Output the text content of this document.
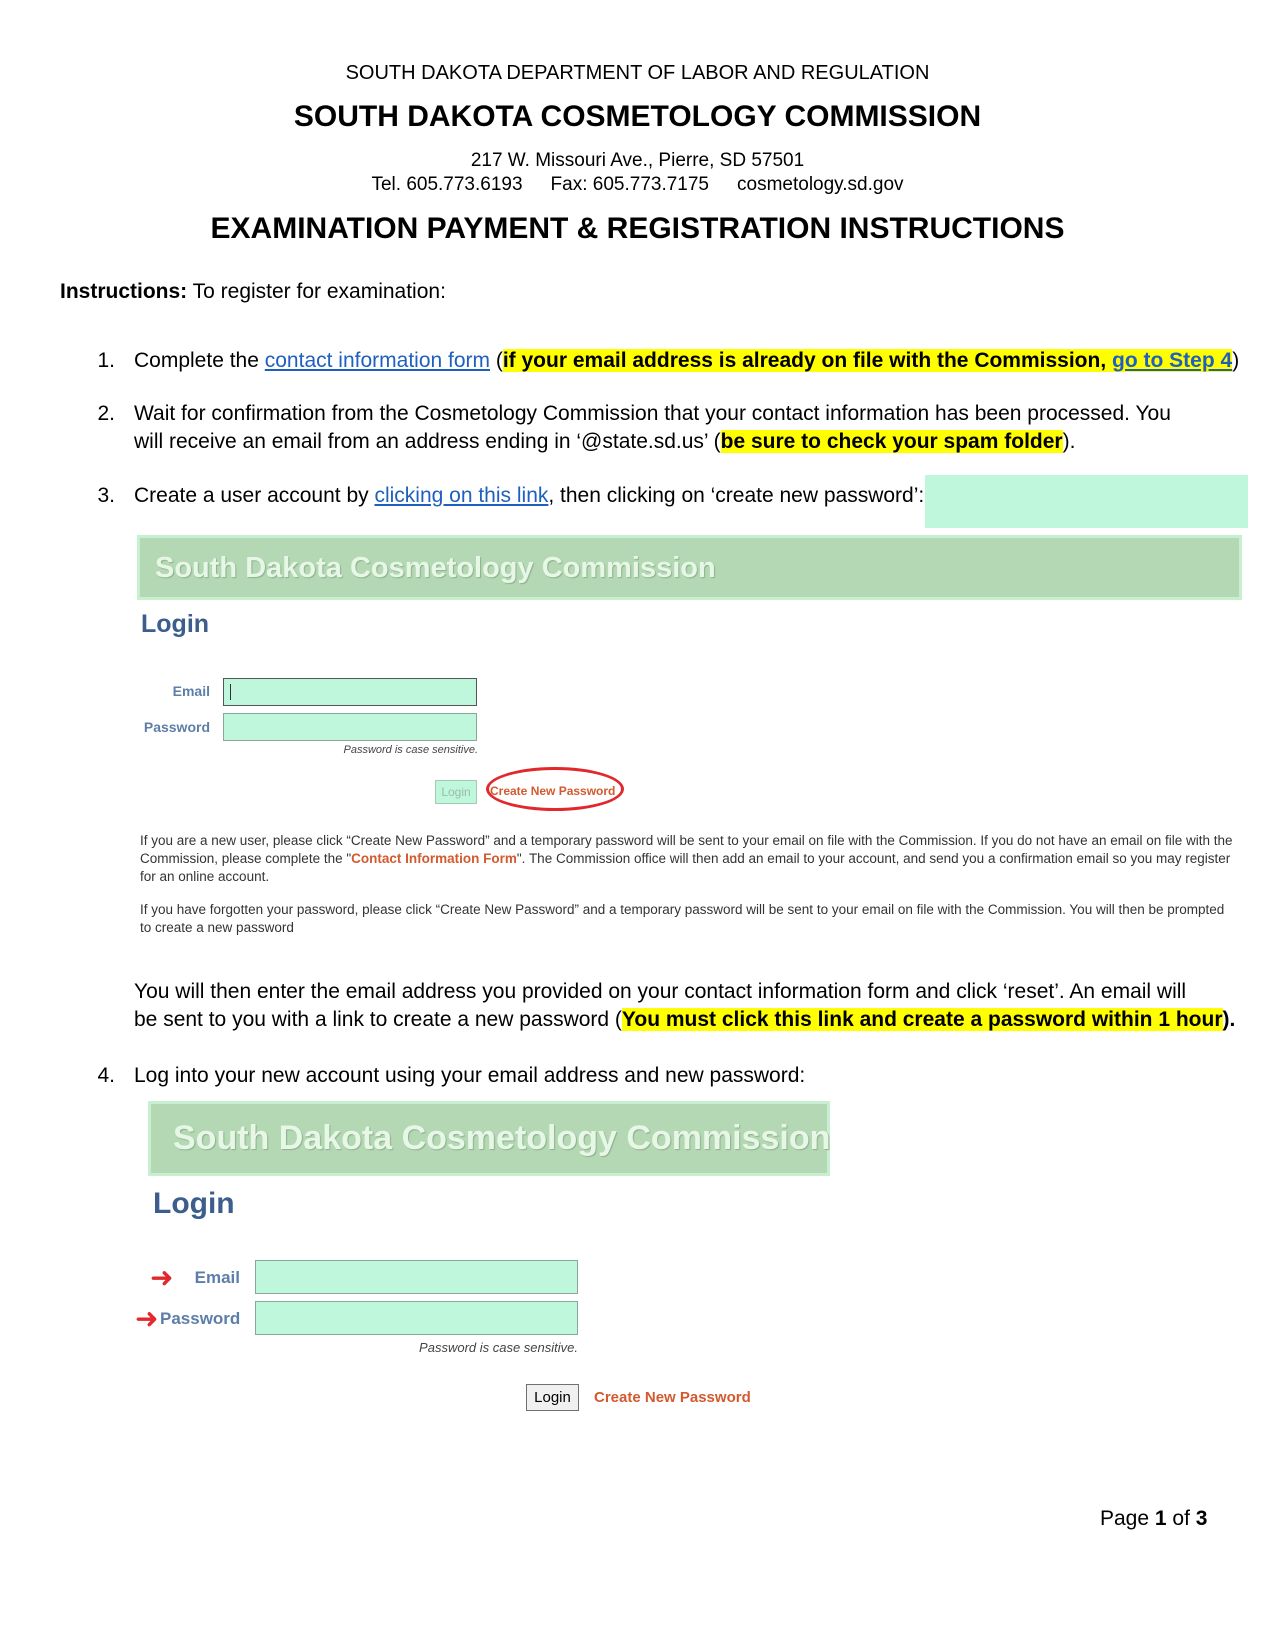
SOUTH DAKOTA DEPARTMENT OF LABOR AND REGULATION
SOUTH DAKOTA COSMETOLOGY COMMISSION
217 W. Missouri Ave., Pierre, SD 57501
Tel. 605.773.6193 Fax: 605.773.7175 cosmetology.sd.gov
EXAMINATION PAYMENT & REGISTRATION INSTRUCTIONS
Instructions: To register for examination:
1. Complete the contact information form (if your email address is already on file with the Commission, go to Step 4)
2. Wait for confirmation from the Cosmetology Commission that your contact information has been processed. You
will receive an email from an address ending in ‘@state.sd.us’ (be sure to check your spam folder).
3. Create a user account by clicking on this link, then clicking on ‘create new password’:
South Dakota Cosmetology Commission
Login
Email
Password
Password is case sensitive.
Login	Create New Password
If you are a new user, please click “Create New Password” and a temporary password will be sent to your email on file with the Commission. If you do not have an email on file with the Commission, please complete the "Contact Information Form". The Commission office will then add an email to your account, and send you a confirmation email so you may register for an online account.
If you have forgotten your password, please click “Create New Password” and a temporary password will be sent to your email on file with the Commission. You will then be prompted to create a new password
You will then enter the email address you provided on your contact information form and click ‘reset’. An email will
be sent to you with a link to create a new password (You must click this link and create a password within 1 hour).
4. Log into your new account using your email address and new password:
South Dakota Cosmetology Commission
Login
➜ Email
➜ Password
Password is case sensitive.
Login	Create New Password
Page 1 of 3
